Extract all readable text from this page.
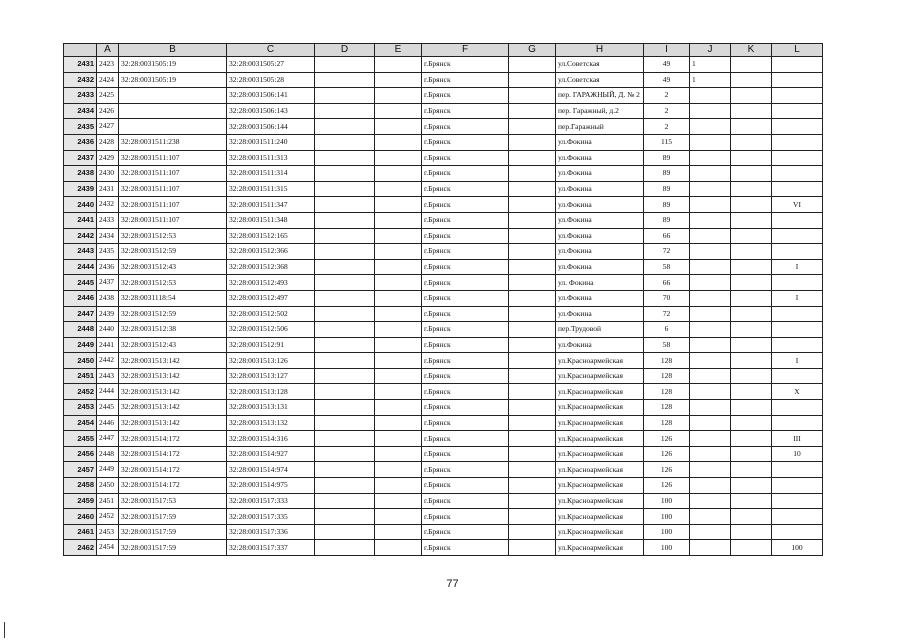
	A	B	C	D	E	F	G	H	I	J	K	L
2431	2423	32:28:0031505:19	32:28:0031505:27			г.Брянск		ул.Советская	49	1		
2432	2424	32:28:0031505:19	32:28:0031505:28			г.Брянск		ул.Советская	49	1		
2433	2425		32:28:0031506:141			г.Брянск		пер. ГАРАЖНЫЙ, Д. № 2	2			
2434	2426		32:28:0031506:143			г.Брянск		пер. Гаражный, д.2	2			
2435	2427		32:28:0031506:144			г.Брянск		пер.Гаражный	2			
2436	2428	32:28:0031511:238	32:28:0031511:240			г.Брянск		ул.Фокина	115			
2437	2429	32:28:0031511:107	32:28:0031511:313			г.Брянск		ул.Фокина	89			
2438	2430	32:28:0031511:107	32:28:0031511:314			г.Брянск		ул.Фокина	89			
2439	2431	32:28:0031511:107	32:28:0031511:315			г.Брянск		ул.Фокина	89			
2440	2432	32:28:0031511:107	32:28:0031511:347			г.Брянск		ул.Фокина	89			VI
2441	2433	32:28:0031511:107	32:28:0031511:348			г.Брянск		ул.Фокина	89			
2442	2434	32:28:0031512:53	32:28:0031512:165			г.Брянск		ул.Фокина	66			
2443	2435	32:28:0031512:59	32:28:0031512:366			г.Брянск		ул.Фокина	72			
2444	2436	32:28:0031512:43	32:28:0031512:368			г.Брянск		ул.Фокина	58			I
2445	2437	32:28:0031512:53	32:28:0031512:493			г.Брянск		ул. Фокина	66			
2446	2438	32:28:0031118:54	32:28:0031512:497			г.Брянск		ул.Фокина	70			I
2447	2439	32:28:0031512:59	32:28:0031512:502			г.Брянск		ул.Фокина	72			
2448	2440	32:28:0031512:38	32:28:0031512:506			г.Брянск		пер.Трудовой	6			
2449	2441	32:28:0031512:43	32:28:0031512:91			г.Брянск		ул.Фокина	58			
2450	2442	32:28:0031513:142	32:28:0031513:126			г.Брянск		ул.Красноармейская	128			I
2451	2443	32:28:0031513:142	32:28:0031513:127			г.Брянск		ул.Красноармейская	128			
2452	2444	32:28:0031513:142	32:28:0031513:128			г.Брянск		ул.Красноармейская	128			X
2453	2445	32:28:0031513:142	32:28:0031513:131			г.Брянск		ул.Красноармейская	128			
2454	2446	32:28:0031513:142	32:28:0031513:132			г.Брянск		ул.Красноармейская	128			
2455	2447	32:28:0031514:172	32:28:0031514:316			г.Брянск		ул.Красноармейская	126			III
2456	2448	32:28:0031514:172	32:28:0031514:927			г.Брянск		ул.Красноармейская	126			10
2457	2449	32:28:0031514:172	32:28:0031514:974			г.Брянск		ул.Красноармейская	126			
2458	2450	32:28:0031514:172	32:28:0031514:975			г.Брянск		ул.Красноармейская	126			
2459	2451	32:28:0031517:53	32:28:0031517:333			г.Брянск		ул.Красноармейская	100			
2460	2452	32:28:0031517:59	32:28:0031517:335			г.Брянск		ул.Красноармейская	100			
2461	2453	32:28:0031517:59	32:28:0031517:336			г.Брянск		ул.Красноармейская	100			
2462	2454	32:28:0031517:59	32:28:0031517:337			г.Брянск		ул.Красноармейская	100			100
77
